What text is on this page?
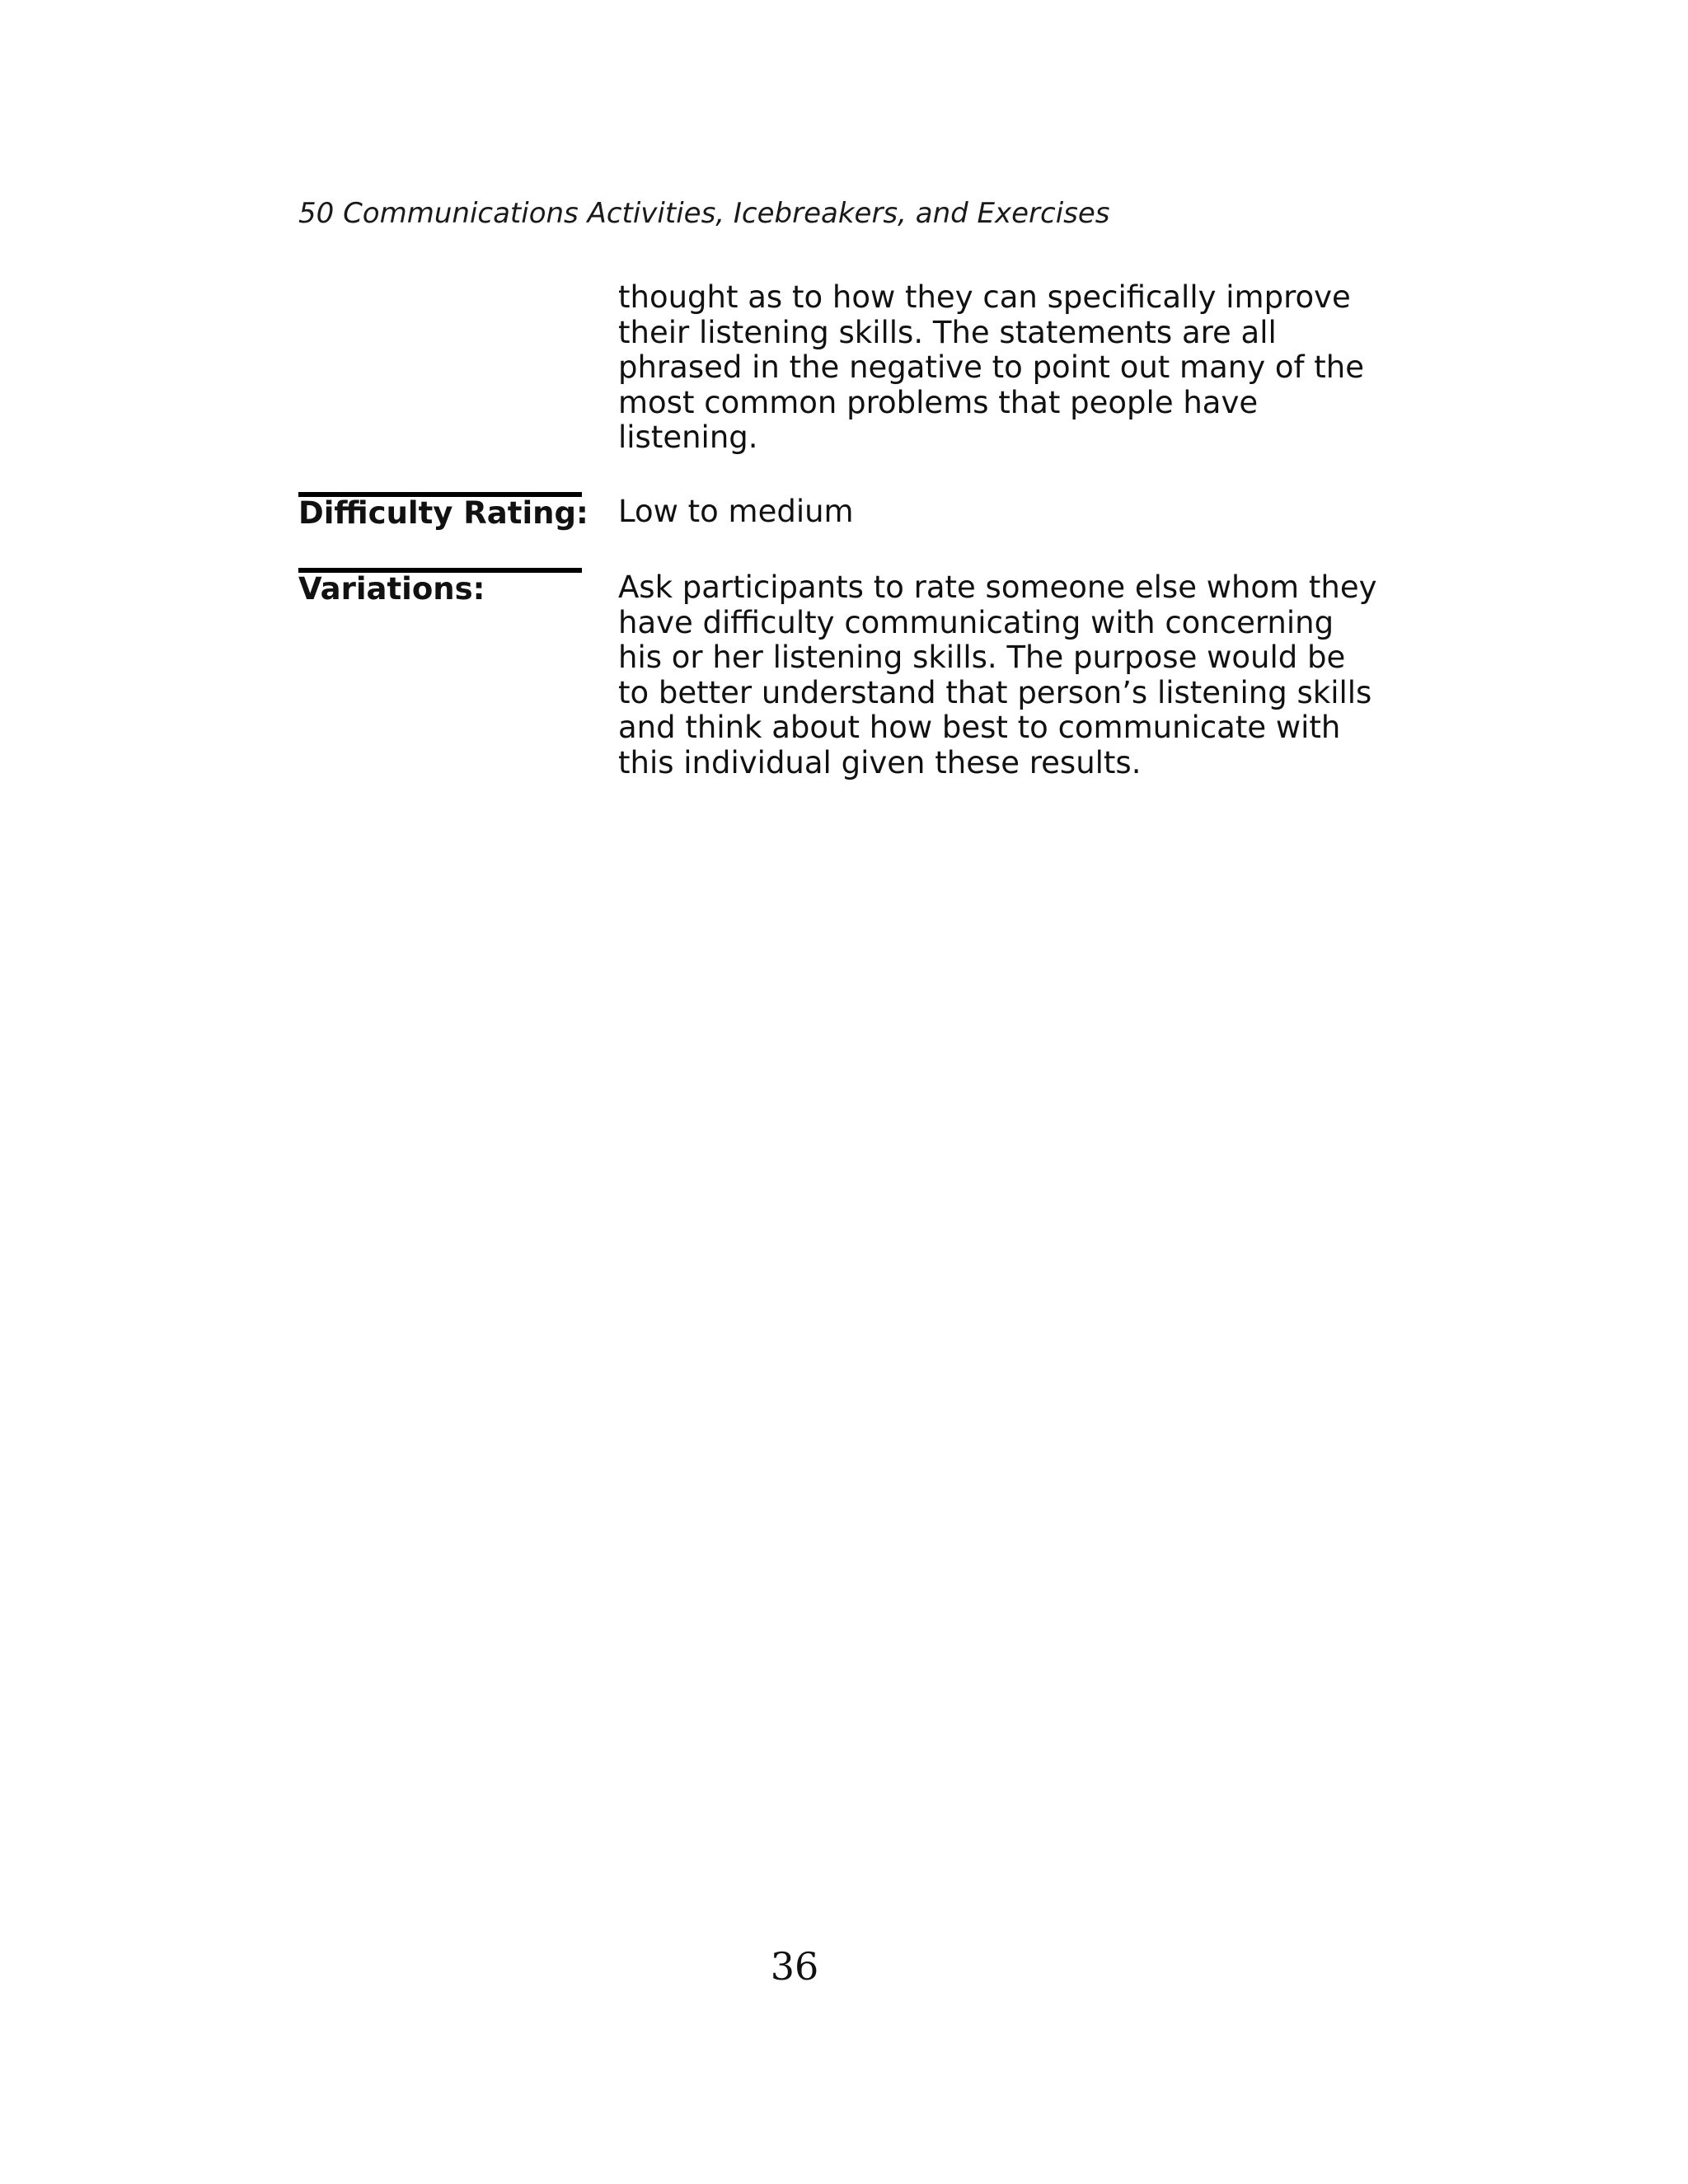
50 Communications Activities, Icebreakers, and Exercises
thought as to how they can specifically improve
their listening skills. The statements are all
phrased in the negative to point out many of the
most common problems that people have
listening.
Difficulty Rating: Low to medium
Variations:	Ask participants to rate someone else whom they
have difficulty communicating with concerning
his or her listening skills. The purpose would be
to better understand that person’s listening skills
and think about how best to communicate with
this individual given these results.
36
